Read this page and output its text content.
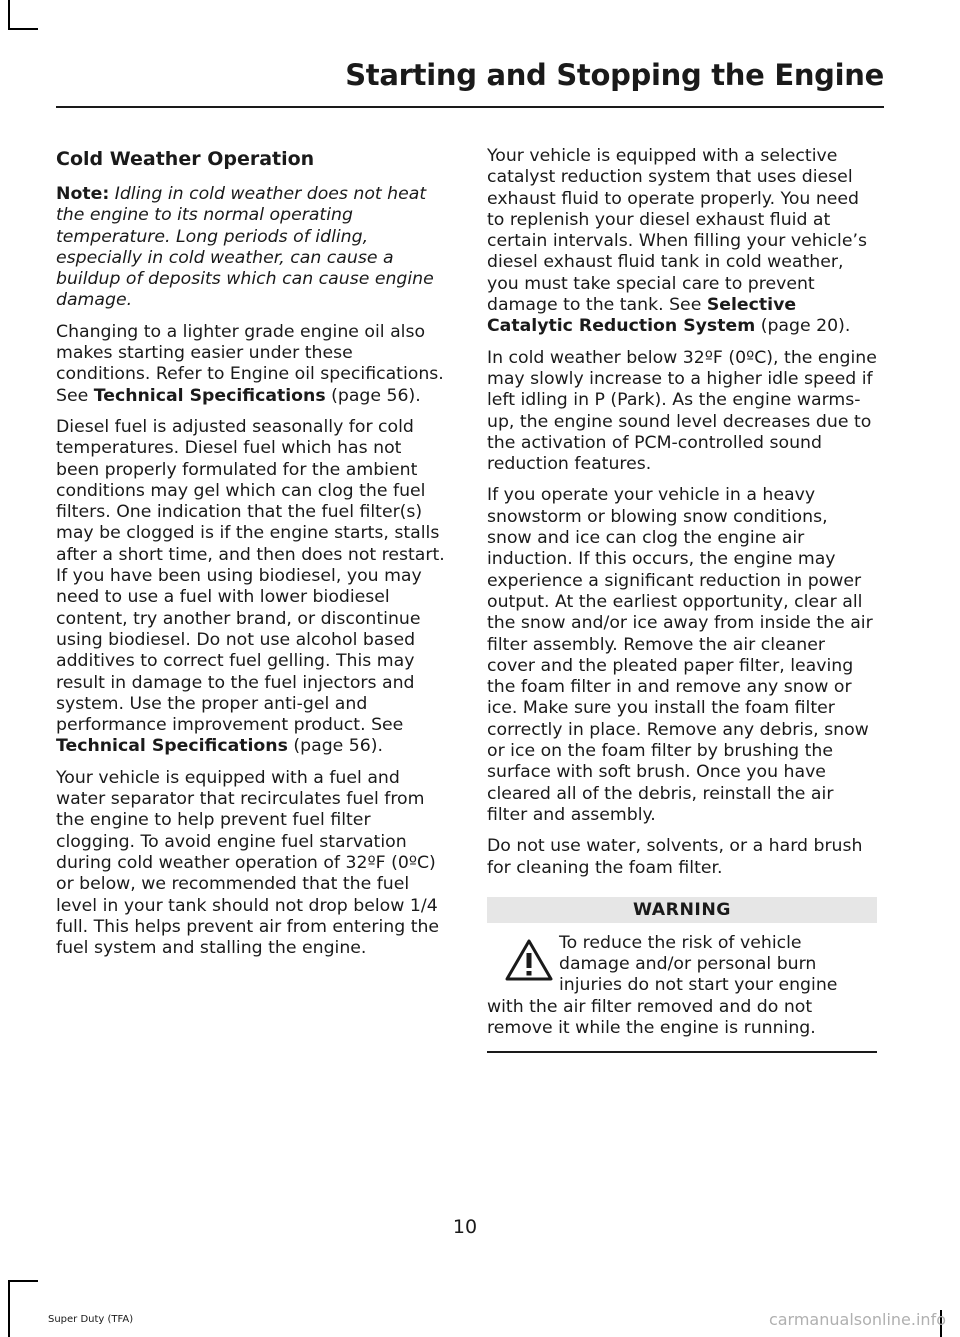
Starting and Stopping the Engine
Cold Weather Operation

Note: Idling in cold weather does not heat the engine to its normal operating temperature. Long periods of idling, especially in cold weather, can cause a buildup of deposits which can cause engine damage.

Changing to a lighter grade engine oil also makes starting easier under these conditions. Refer to Engine oil specifications. See Technical Specifications (page 56).

Diesel fuel is adjusted seasonally for cold temperatures. Diesel fuel which has not been properly formulated for the ambient conditions may gel which can clog the fuel filters. One indication that the fuel filter(s) may be clogged is if the engine starts, stalls after a short time, and then does not restart. If you have been using biodiesel, you may need to use a fuel with lower biodiesel content, try another brand, or discontinue using biodiesel. Do not use alcohol based additives to correct fuel gelling. This may result in damage to the fuel injectors and system. Use the proper anti-gel and performance improvement product. See Technical Specifications (page 56).

Your vehicle is equipped with a fuel and water separator that recirculates fuel from the engine to help prevent fuel filter clogging. To avoid engine fuel starvation during cold weather operation of 32ºF (0ºC) or below, we recommended that the fuel level in your tank should not drop below 1/4 full. This helps prevent air from entering the fuel system and stalling the engine.

Your vehicle is equipped with a selective catalyst reduction system that uses diesel exhaust fluid to operate properly. You need to replenish your diesel exhaust fluid at certain intervals. When filling your vehicle’s diesel exhaust fluid tank in cold weather, you must take special care to prevent damage to the tank. See Selective Catalytic Reduction System (page 20).

In cold weather below 32ºF (0ºC), the engine may slowly increase to a higher idle speed if left idling in P (Park). As the engine warms-up, the engine sound level decreases due to the activation of PCM-controlled sound reduction features.

If you operate your vehicle in a heavy snowstorm or blowing snow conditions, snow and ice can clog the engine air induction. If this occurs, the engine may experience a significant reduction in power output. At the earliest opportunity, clear all the snow and/or ice away from inside the air filter assembly. Remove the air cleaner cover and the pleated paper filter, leaving the foam filter in and remove any snow or ice. Make sure you install the foam filter correctly in place. Remove any debris, snow or ice on the foam filter by brushing the surface with soft brush. Once you have cleared all of the debris, reinstall the air filter and assembly.

Do not use water, solvents, or a hard brush for cleaning the foam filter.

WARNING
To reduce the risk of vehicle damage and/or personal burn injuries do not start your engine with the air filter removed and do not remove it while the engine is running.
10
Super Duty (TFA)	carmanualsonline.info
